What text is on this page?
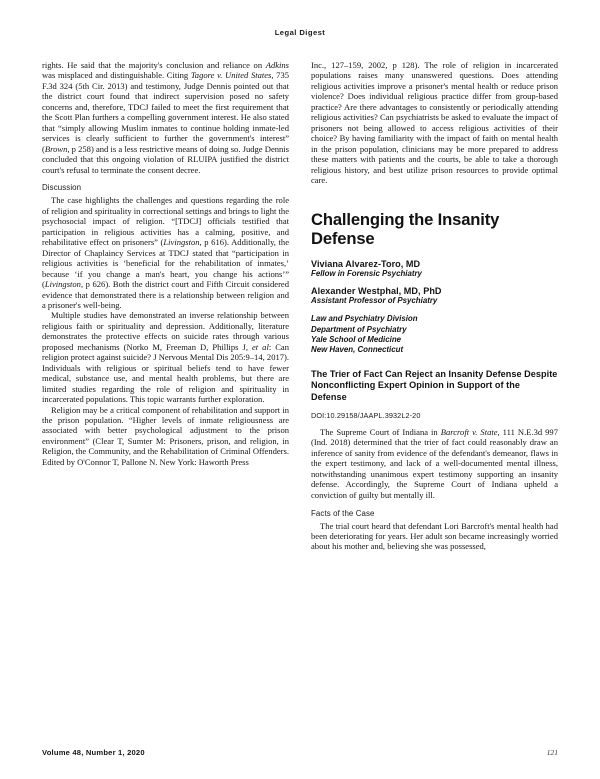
Legal Digest

rights. He said that the majority's conclusion and reliance on Adkins was misplaced and distinguishable. Citing Tagore v. United States, 735 F.3d 324 (5th Cir. 2013) and testimony, Judge Dennis pointed out that the district court found that indirect supervision posed no safety concerns and, therefore, TDCJ failed to meet the first requirement that the Scott Plan furthers a compelling government interest. He also stated that “simply allowing Muslim inmates to continue holding inmate-led services is clearly sufficient to further the government's interest” (Brown, p 258) and is a less restrictive means of doing so. Judge Dennis concluded that this ongoing violation of RLUIPA justified the district court's refusal to terminate the consent decree.

Discussion

The case highlights the challenges and questions regarding the role of religion and spirituality in correctional settings and brings to light the psychosocial impact of religion. “[TDCJ] officials testified that participation in religious activities has a calming, positive, and rehabilitative effect on prisoners” (Livingston, p 616). Additionally, the Director of Chaplaincy Services at TDCJ stated that “participation in religious activities is ‘beneficial for the rehabilitation of inmates,’ because ‘if you change a man's heart, you change his actions’” (Livingston, p 626). Both the district court and Fifth Circuit considered evidence that demonstrated there is a relationship between religion and a prisoner's well-being.

Multiple studies have demonstrated an inverse relationship between religious faith or spirituality and depression. Additionally, literature demonstrates the protective effects on suicide rates through various proposed mechanisms (Norko M, Freeman D, Phillips J, et al: Can religion protect against suicide? J Nervous Mental Dis 205:9–14, 2017). Individuals with religious or spiritual beliefs tend to have fewer medical, substance use, and mental health problems, but there are limited studies regarding the role of religion and spirituality in incarcerated populations. This topic warrants further exploration.

Religion may be a critical component of rehabilitation and support in the prison population. “Higher levels of inmate religiousness are associated with better psychological adjustment to the prison environment” (Clear T, Sumter M: Prisoners, prison, and religion, in Religion, the Community, and the Rehabilitation of Criminal Offenders. Edited by O'Connor T, Pallone N. New York: Haworth Press

Inc., 127–159, 2002, p 128). The role of religion in incarcerated populations raises many unanswered questions. Does attending religious activities improve a prisoner's mental health or reduce prison violence? Does individual religious practice differ from group-based practice? Are there advantages to consistently or periodically attending religious activities? Can psychiatrists be asked to evaluate the impact of prisoners not being allowed to access religious activities of their choice? By having familiarity with the impact of faith on mental health in the prison population, clinicians may be more prepared to address these matters with patients and the courts, be able to take a thorough religious history, and best utilize prison resources to provide optimal care.

Challenging the Insanity Defense
Viviana Alvarez-Toro, MD
Fellow in Forensic Psychiatry
Alexander Westphal, MD, PhD
Assistant Professor of Psychiatry
Law and Psychiatry Division
Department of Psychiatry
Yale School of Medicine
New Haven, Connecticut
The Trier of Fact Can Reject an Insanity Defense Despite Nonconflicting Expert Opinion in Support of the Defense
DOI:10.29158/JAAPL.3932L2-20

The Supreme Court of Indiana in Barcroft v. State, 111 N.E.3d 997 (Ind. 2018) determined that the trier of fact could reasonably draw an inference of sanity from evidence of the defendant's demeanor, flaws in the expert testimony, and lack of a well-documented mental illness, notwithstanding unanimous expert testimony supporting an insanity defense. Accordingly, the Supreme Court of Indiana upheld a conviction of guilty but mentally ill.

Facts of the Case

The trial court heard that defendant Lori Barcroft's mental health had been deteriorating for years. Her adult son became increasingly worried about his mother and, believing she was possessed,

Volume 48, Number 1, 2020	121
